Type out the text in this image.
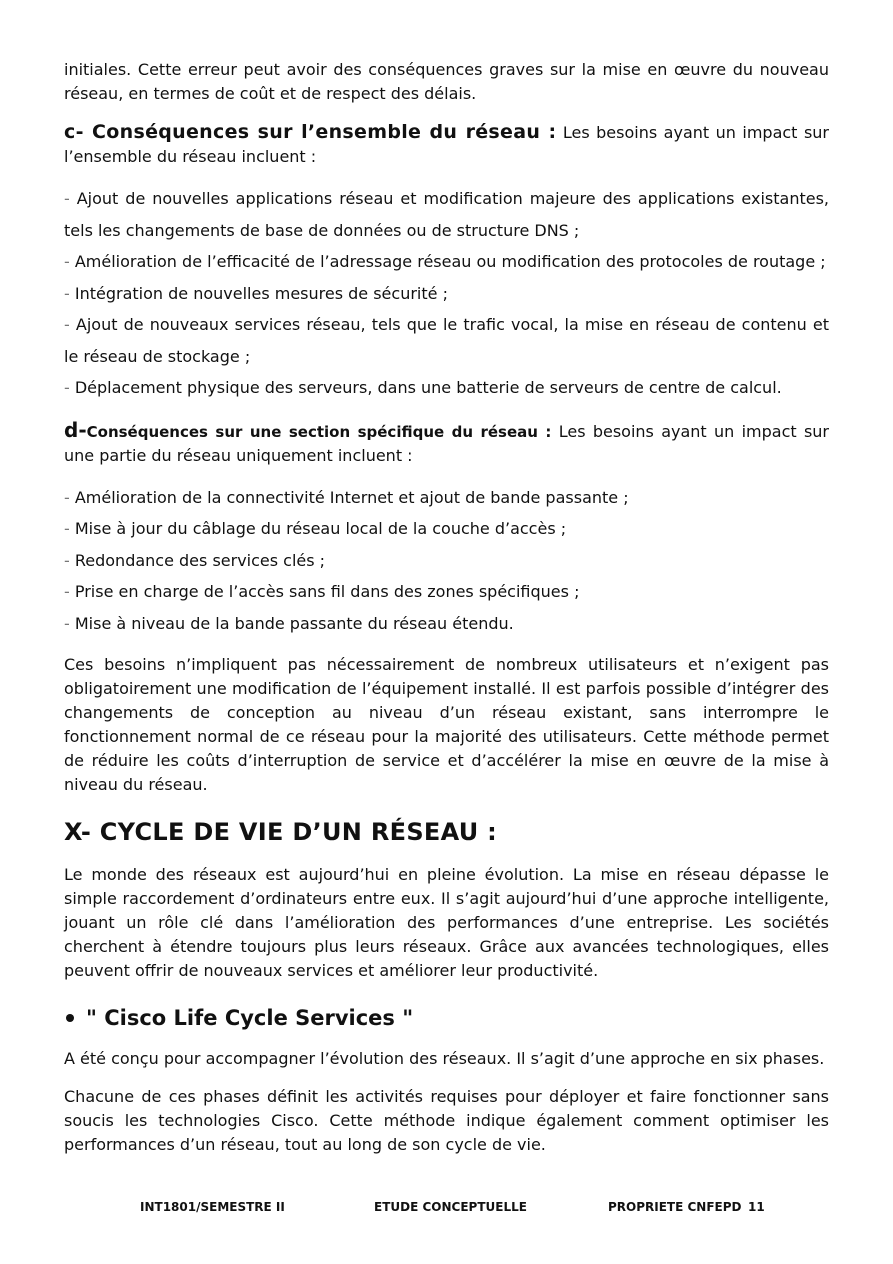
initiales. Cette erreur peut avoir des conséquences graves sur la mise en œuvre du nouveau réseau, en termes de coût et de respect des délais.

c- Conséquences sur l’ensemble du réseau : Les besoins ayant un impact sur l’ensemble du réseau incluent :

- Ajout de nouvelles applications réseau et modification majeure des applications existantes, tels les changements de base de données ou de structure DNS ;
- Amélioration de l’efficacité de l’adressage réseau ou modification des protocoles de routage ;
- Intégration de nouvelles mesures de sécurité ;
- Ajout de nouveaux services réseau, tels que le trafic vocal, la mise en réseau de contenu et le réseau de stockage ;
- Déplacement physique des serveurs, dans une batterie de serveurs de centre de calcul.

d-Conséquences sur une section spécifique du réseau : Les besoins ayant un impact sur une partie du réseau uniquement incluent :

- Amélioration de la connectivité Internet et ajout de bande passante ;
- Mise à jour du câblage du réseau local de la couche d’accès ;
- Redondance des services clés ;
- Prise en charge de l’accès sans fil dans des zones spécifiques ;
- Mise à niveau de la bande passante du réseau étendu.

Ces besoins n’impliquent pas nécessairement de nombreux utilisateurs et n’exigent pas obligatoirement une modification de l’équipement installé. Il est parfois possible d’intégrer des changements de conception au niveau d’un réseau existant, sans interrompre le fonctionnement normal de ce réseau pour la majorité des utilisateurs. Cette méthode permet de réduire les coûts d’interruption de service et d’accélérer la mise en œuvre de la mise à niveau du réseau.

X- CYCLE DE VIE D’UN RÉSEAU :

Le monde des réseaux est aujourd’hui en pleine évolution. La mise en réseau dépasse le simple raccordement d’ordinateurs entre eux. Il s’agit aujourd’hui d’une approche intelligente, jouant un rôle clé dans l’amélioration des performances d’une entreprise. Les sociétés cherchent à étendre toujours plus leurs réseaux. Grâce aux avancées technologiques, elles peuvent offrir de nouveaux services et améliorer leur productivité.

" Cisco Life Cycle Services "

A été conçu pour accompagner l’évolution des réseaux. Il s’agit d’une approche en six phases.

Chacune de ces phases définit les activités requises pour déployer et faire fonctionner sans soucis les technologies Cisco. Cette méthode indique également comment optimiser les performances d’un réseau, tout au long de son cycle de vie.

INT1801/SEMESTRE II	ETUDE CONCEPTUELLE	PROPRIETE CNFEPD 11
